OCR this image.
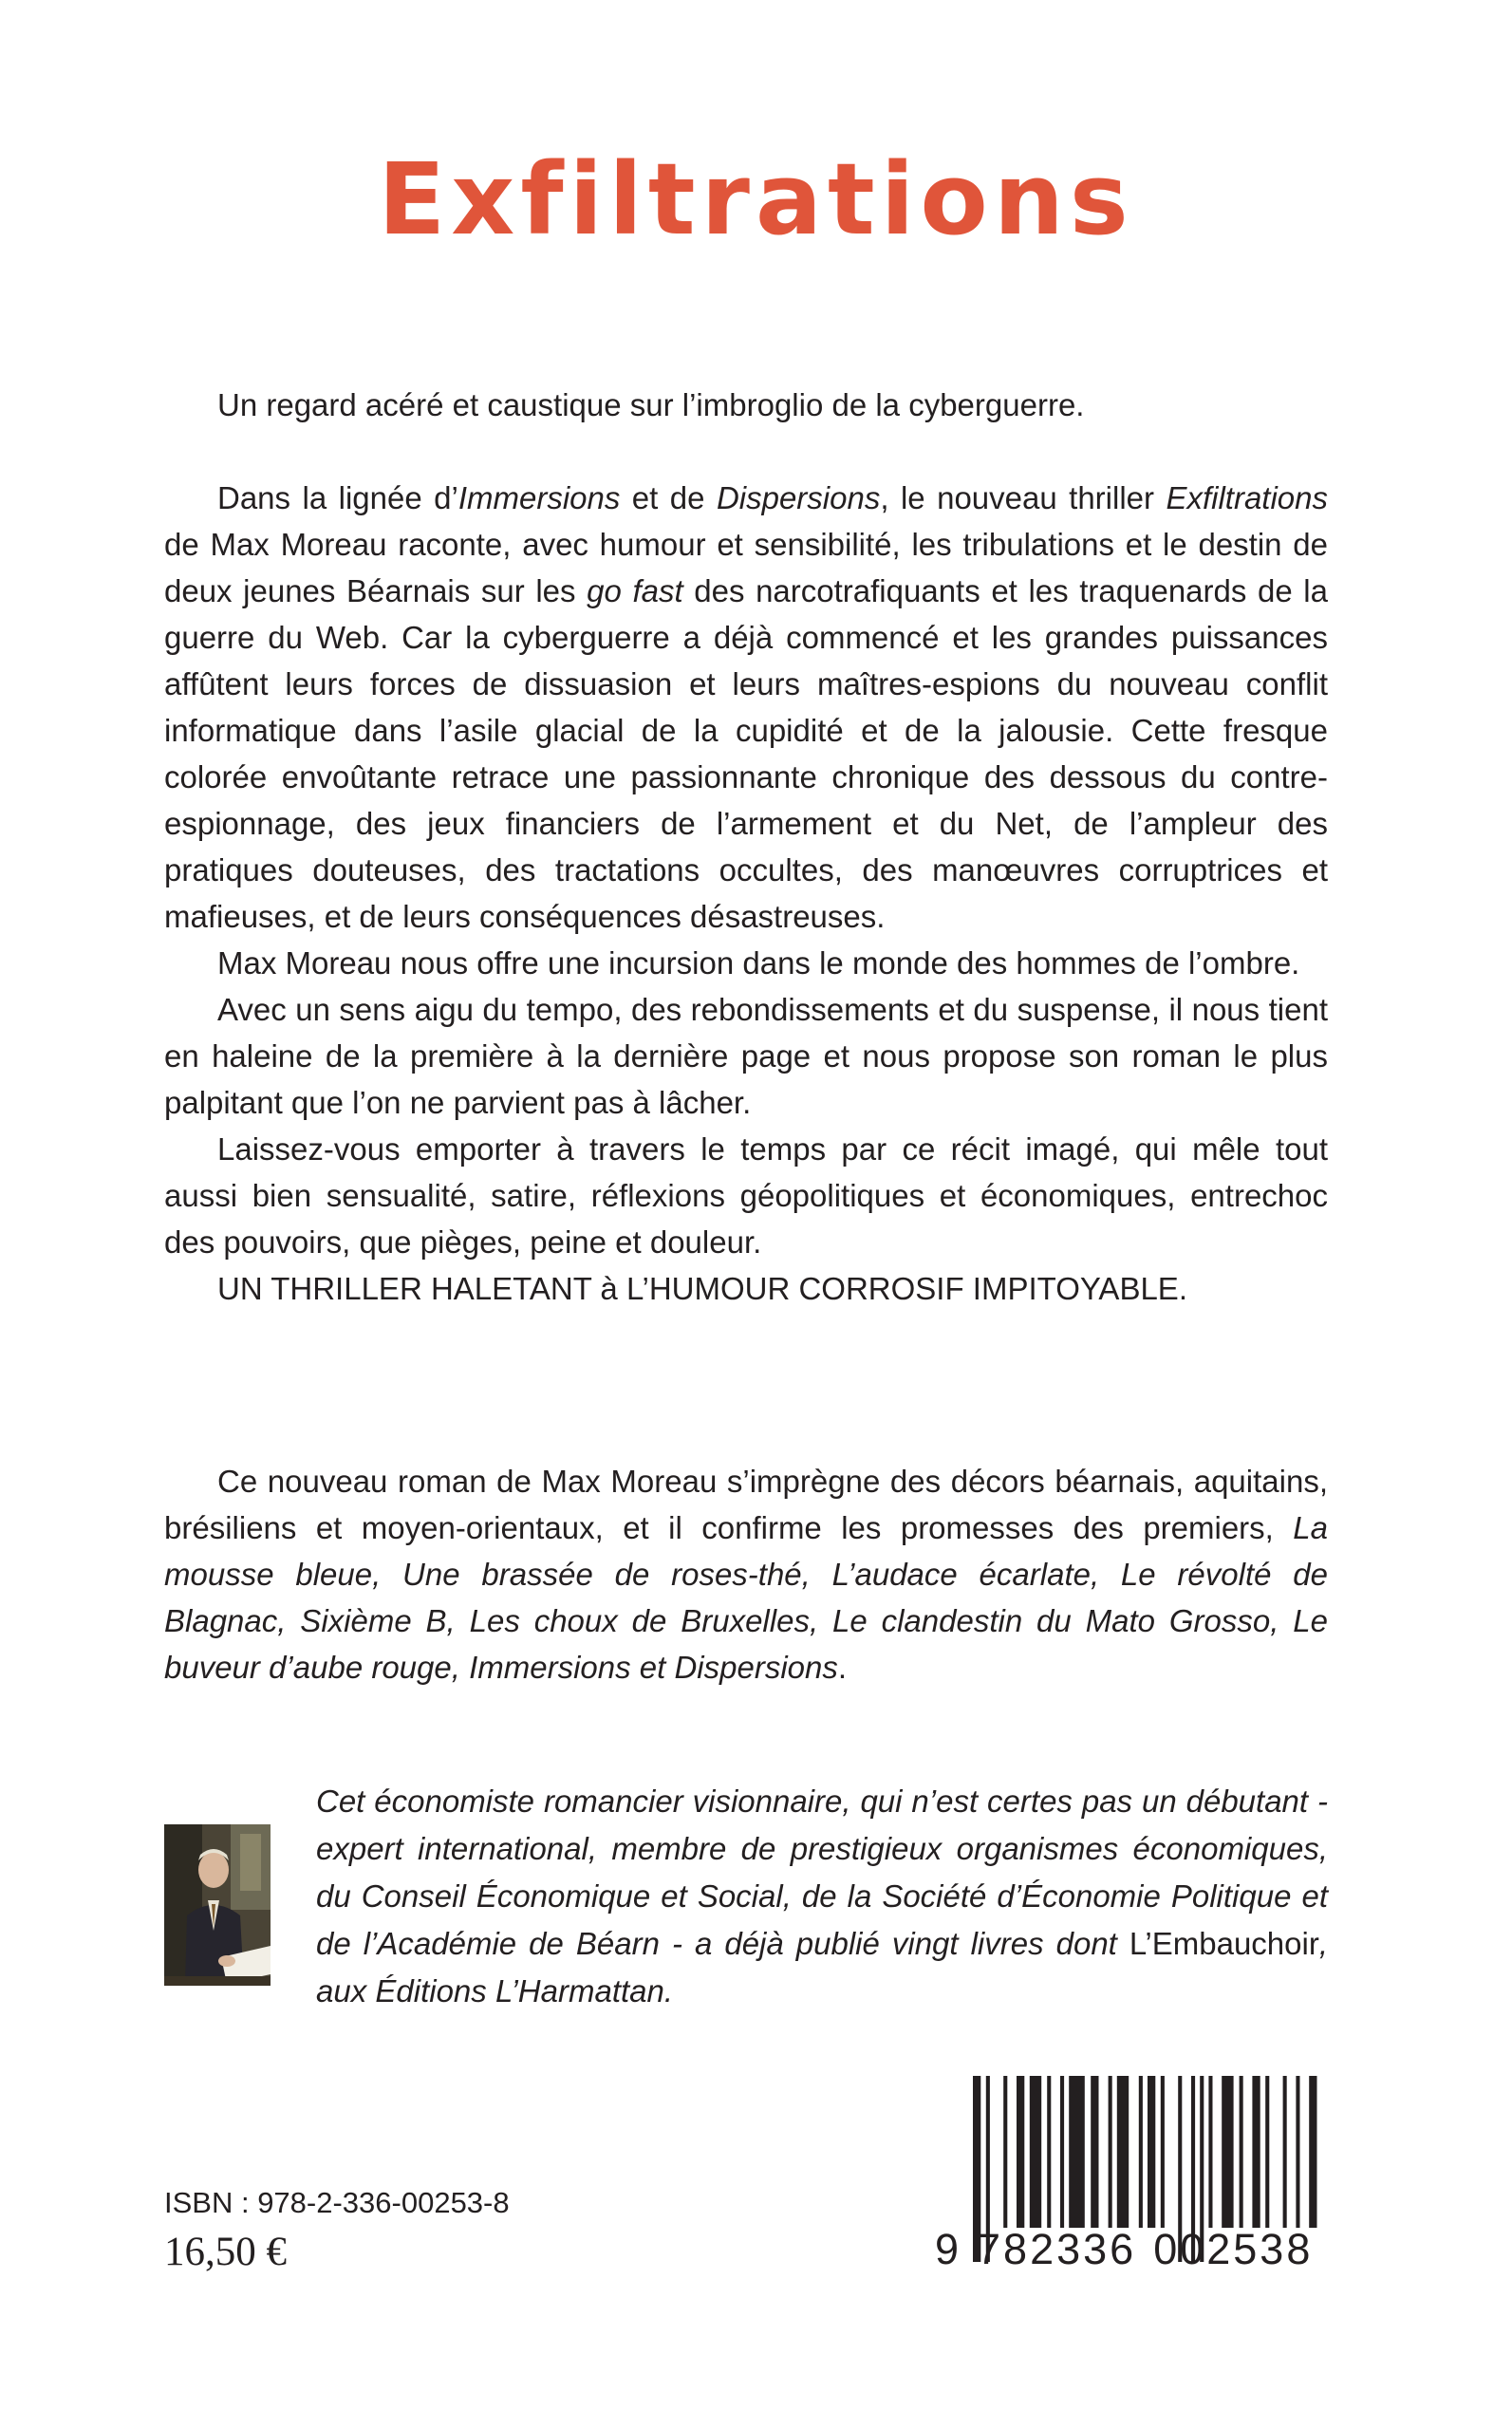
Exfiltrations

Un regard acéré et caustique sur l’imbroglio de la cyberguerre.

Dans la lignée d’Immersions et de Dispersions, le nouveau thriller Exfiltrations de Max Moreau raconte, avec humour et sensibilité, les tribulations et le destin de deux jeunes Béarnais sur les go fast des narcotrafiquants et les traquenards de la guerre du Web. Car la cyberguerre a déjà commencé et les grandes puissances affûtent leurs forces de dissuasion et leurs maîtres-espions du nouveau conflit informatique dans l’asile glacial de la cupidité et de la jalousie. Cette fresque colorée envoûtante retrace une passionnante chronique des dessous du contre-espionnage, des jeux financiers de l’armement et du Net, de l’ampleur des pratiques douteuses, des tractations occultes, des manœuvres corruptrices et mafieuses, et de leurs conséquences désastreuses.

Max Moreau nous offre une incursion dans le monde des hommes de l’ombre.

Avec un sens aigu du tempo, des rebondissements et du suspense, il nous tient en haleine de la première à la dernière page et nous propose son roman le plus palpitant que l’on ne parvient pas à lâcher.

Laissez-vous emporter à travers le temps par ce récit imagé, qui mêle tout aussi bien sensualité, satire, réflexions géopolitiques et économiques, entrechoc des pouvoirs, que pièges, peine et douleur.

UN THRILLER HALETANT à L’HUMOUR CORROSIF IMPITOYABLE.

Ce nouveau roman de Max Moreau s’imprègne des décors béarnais, aquitains, brésiliens et moyen-orientaux, et il confirme les promesses des premiers, La mousse bleue, Une brassée de roses-thé, L’audace écarlate, Le révolté de Blagnac, Sixième B, Les choux de Bruxelles, Le clandestin du Mato Grosso, Le buveur d’aube rouge, Immersions et Dispersions.

Cet économiste romancier visionnaire, qui n’est certes pas un débutant - expert international, membre de prestigieux organismes économiques, du Conseil Économique et Social, de la Société d’Économie Politique et de l’Académie de Béarn - a déjà publié vingt livres dont L’Embauchoir, aux Éditions L’Harmattan.
ISBN : 978-2-336-00253-8
16,50 €	9 782336 002538
